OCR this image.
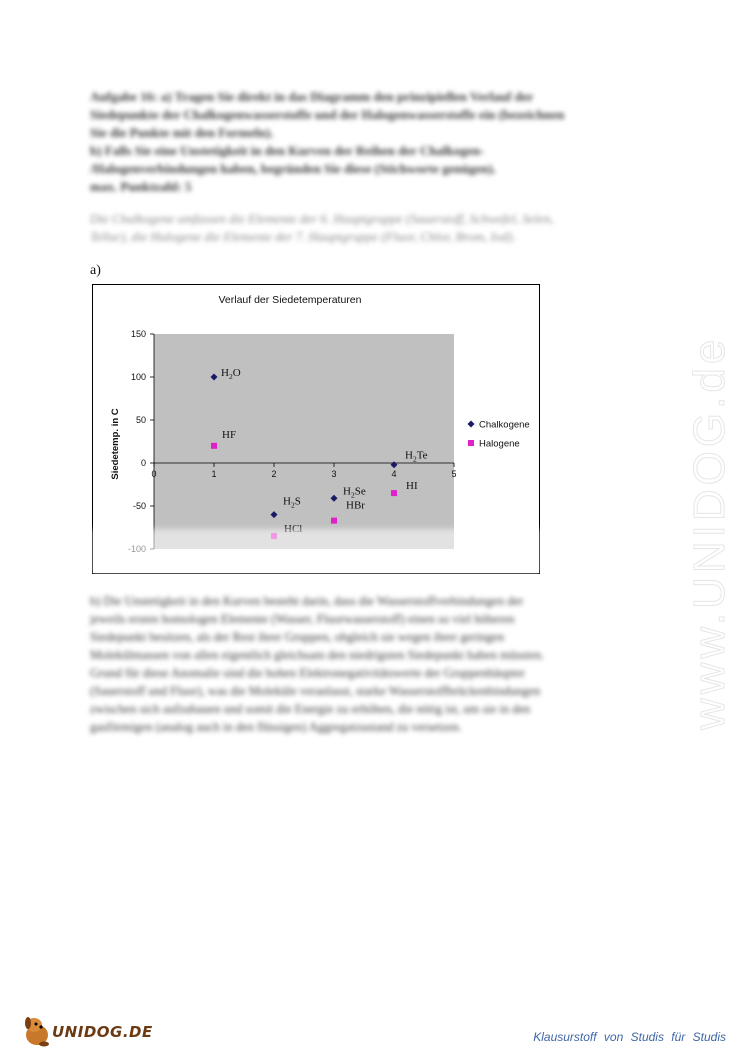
Aufgabe 16: a) Tragen Sie direkt in das Diagramm den prinzipiellen Verlauf der
Siedepunkte der Chalkogenwasserstoffe und der Halogenwasserstoffe ein (bezeichnen
Sie die Punkte mit den Formeln).
b) Falls Sie eine Unstetigkeit in den Kurven der Reihen der Chalkogen-
/Halogenverbindungen haben, begründen Sie diese (Stichworte genügen).
max. Punktzahl: 5
Die Chalkogene umfassen die Elemente der 6. Hauptgruppe (Sauerstoff, Schwefel, Selen,
Tellur), die Halogene die Elemente der 7. Hauptgruppe (Fluor, Chlor, Brom, Iod).
a)
Verlauf der Siedetemperaturen
Siedetemp. in C
150
100
50
0
-50
0	1	2	3	4	5
$H_2O$
$H_2S$
$H_2Se$
$H_2Te$
HF
HBr
HI
Chalkogene
Halogene
b) Die Unstetigkeit in den Kurven besteht darin, dass die Wasserstoffverbindungen der
jeweils ersten homologen Elemente (Wasser, Fluorwasserstoff) einen so viel höheren
Siedepunkt besitzen, als der Rest ihrer Gruppen, obgleich sie wegen ihrer geringen
Molekülmassen von allen eigentlich gleichsam den niedrigsten Siedepunkt haben müssten.
Grund für diese Anomalie sind die hohen Elektronegativitätswerte der Gruppenhäupter
(Sauerstoff und Fluor), was die Moleküle veranlasst, starke Wasserstoffbrückenbindungen
zwischen sich aufzubauen und somit die Energie zu erhöhen, die nötig ist, um sie in den
gasförmigen (analog auch in den flüssigen) Aggregatzustand zu versetzen.	www.UNIDOG.de
UNIDOG.DE	Klausurstoff von Studis für Studis
